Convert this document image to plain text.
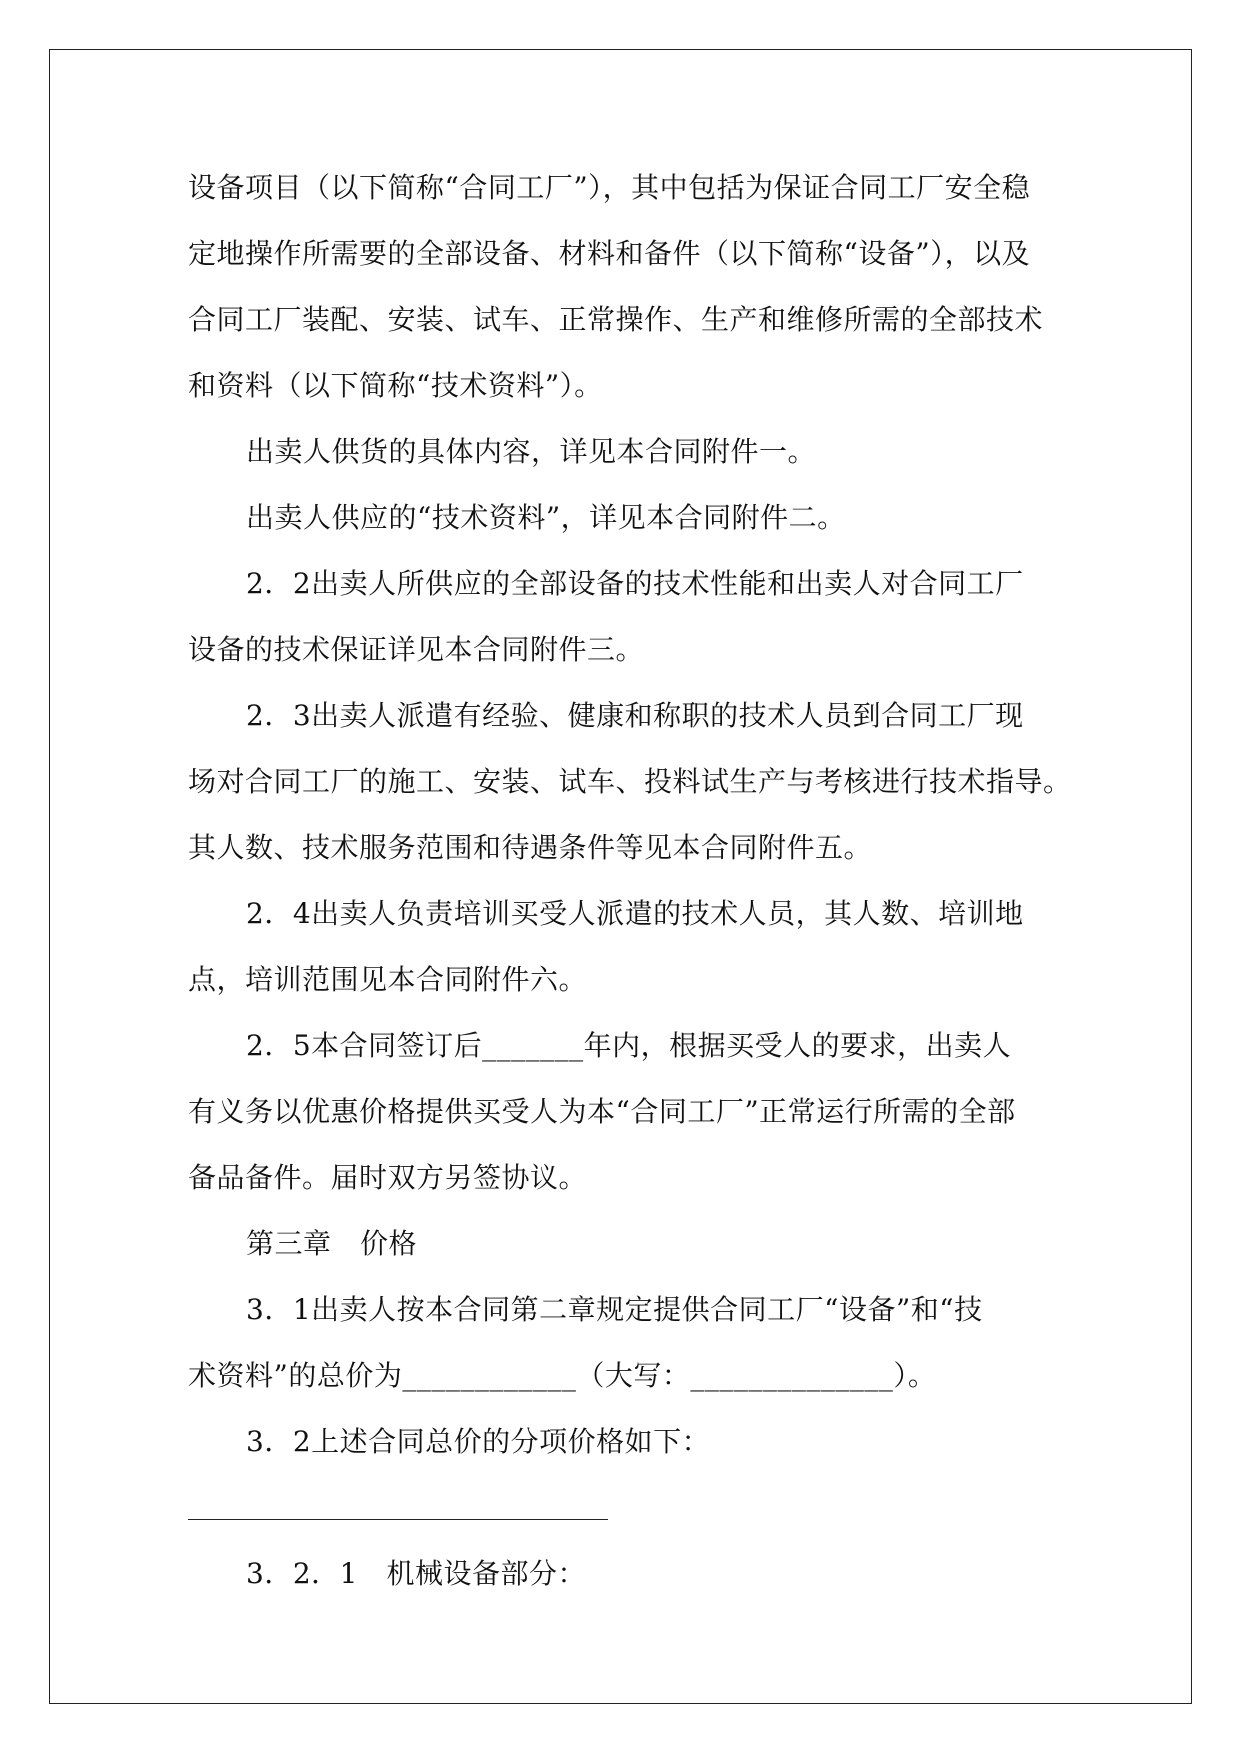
设备项目（以下简称“合同工厂”），其中包括为保证合同工厂安全稳

定地操作所需要的全部设备、材料和备件（以下简称“设备”），以及

合同工厂装配、安装、试车、正常操作、生产和维修所需的全部技术

和资料（以下简称“技术资料”）。

出卖人供货的具体内容，详见本合同附件一。

出卖人供应的“技术资料”，详见本合同附件二。

2．2出卖人所供应的全部设备的技术性能和出卖人对合同工厂

设备的技术保证详见本合同附件三。

2．3出卖人派遣有经验、健康和称职的技术人员到合同工厂现

场对合同工厂的施工、安装、试车、投料试生产与考核进行技术指导。

其人数、技术服务范围和待遇条件等见本合同附件五。

2．4出卖人负责培训买受人派遣的技术人员，其人数、培训地

点，培训范围见本合同附件六。

2．5本合同签订后_______年内，根据买受人的要求，出卖人

有义务以优惠价格提供买受人为本“合同工厂”正常运行所需的全部

备品备件。届时双方另签协议。

第三章　价格

3．1出卖人按本合同第二章规定提供合同工厂“设备”和“技

术资料”的总价为____________（大写：______________）。

3．2上述合同总价的分项价格如下：

3．2．1　机械设备部分：
